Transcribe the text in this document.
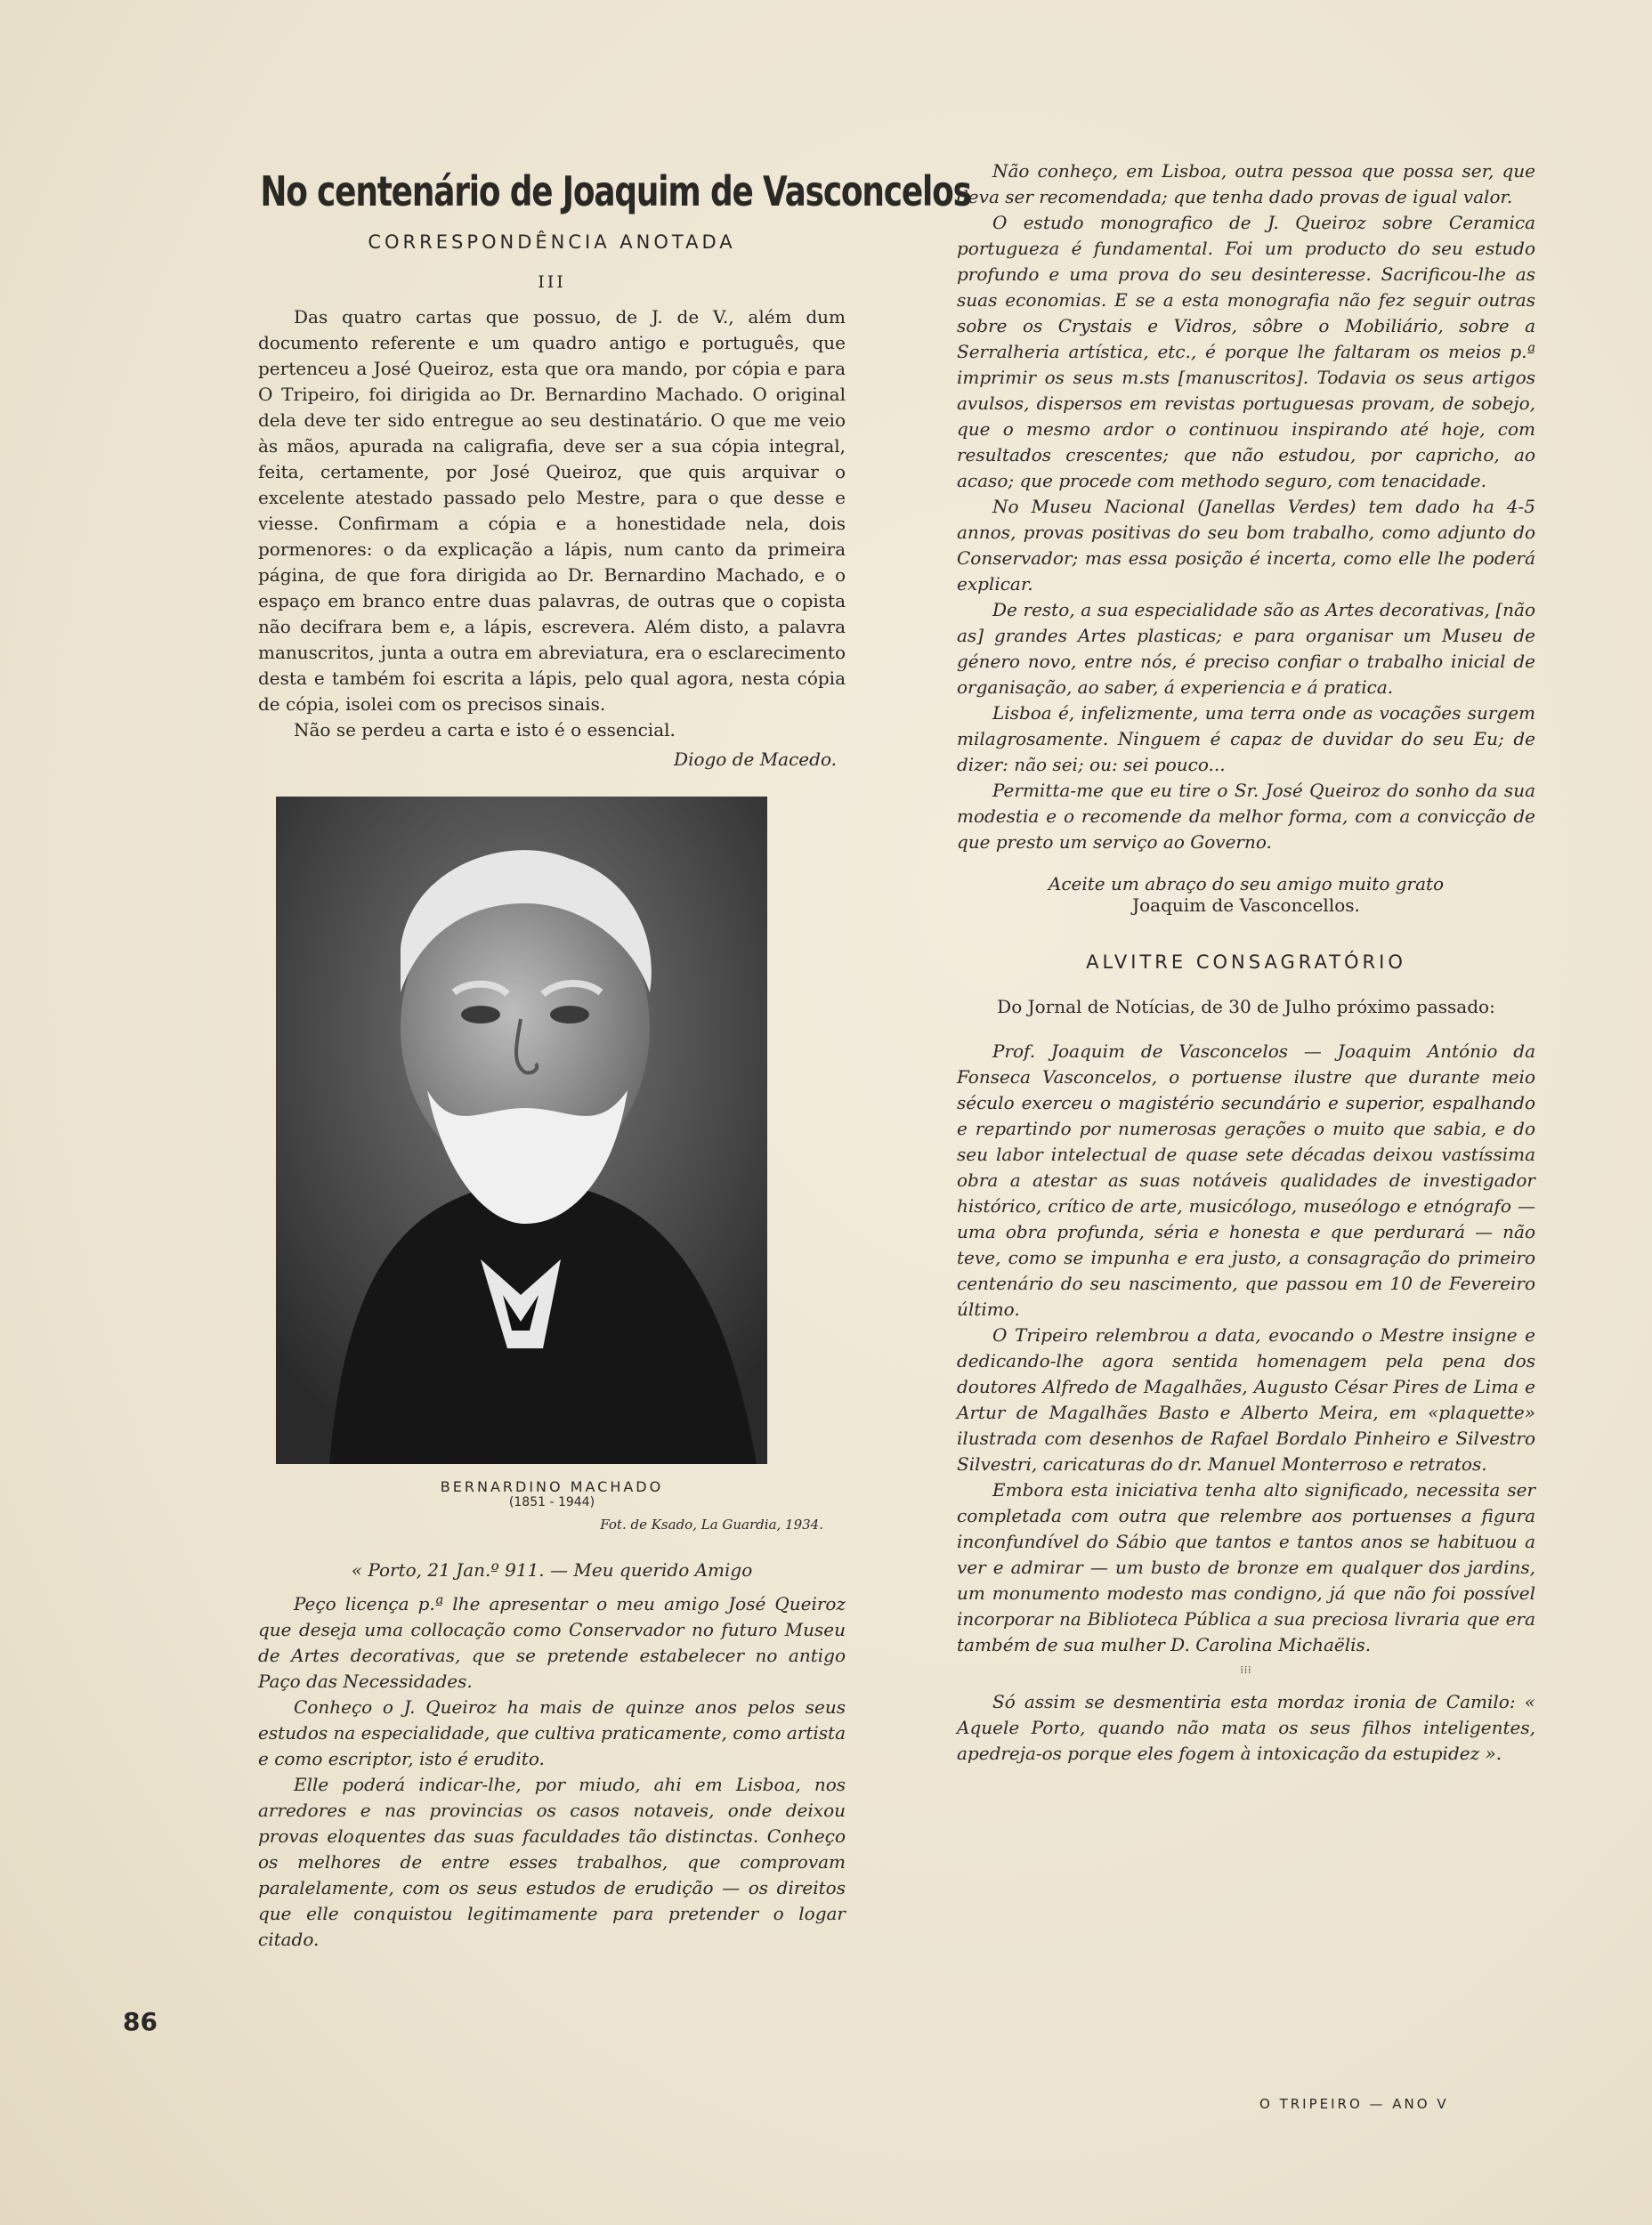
No centenário de Joaquim de Vasconcelos
CORRESPONDÊNCIA ANOTADA
III

Das quatro cartas que possuo, de J. de V., além dum documento referente e um quadro antigo e português, que pertenceu a José Queiroz, esta que ora mando, por cópia e para O Tripeiro, foi dirigida ao Dr. Bernardino Machado. O original dela deve ter sido entregue ao seu destinatário. O que me veio às mãos, apurada na caligrafia, deve ser a sua cópia integral, feita, certamente, por José Queiroz, que quis arquivar o excelente atestado passado pelo Mestre, para o que desse e viesse. Confirmam a cópia e a honestidade nela, dois pormenores: o da explicação a lápis, num canto da primeira página, de que fora dirigida ao Dr. Bernardino Machado, e o espaço em branco entre duas palavras, de outras que o copista não decifrara bem e, a lápis, escrevera. Além disto, a palavra manuscritos, junta a outra em abreviatura, era o esclarecimento desta e também foi escrita a lápis, pelo qual agora, nesta cópia de cópia, isolei com os precisos sinais.

Não se perdeu a carta e isto é o essencial.

Diogo de Macedo.
BERNARDINO MACHADO
(1851 - 1944)
Fot. de Ksado, La Guardia, 1934.
« Porto, 21 Jan.º 911. — Meu querido Amigo

Peço licença p.ª lhe apresentar o meu amigo José Queiroz que deseja uma collocação como Conservador no futuro Museu de Artes decorativas, que se pretende estabelecer no antigo Paço das Necessidades.

Conheço o J. Queiroz ha mais de quinze anos pelos seus estudos na especialidade, que cultiva praticamente, como artista e como escriptor, isto é erudito.

Elle poderá indicar-lhe, por miudo, ahi em Lisboa, nos arredores e nas provincias os casos notaveis, onde deixou provas eloquentes das suas faculdades tão distinctas. Conheço os melhores de entre esses trabalhos, que comprovam paralelamente, com os seus estudos de erudição — os direitos que elle conquistou legitimamente para pretender o logar citado.

Não conheço, em Lisboa, outra pessoa que possa ser, que deva ser recomendada; que tenha dado provas de igual valor.

O estudo monografico de J. Queiroz sobre Ceramica portugueza é fundamental. Foi um producto do seu estudo profundo e uma prova do seu desinteresse. Sacrificou-lhe as suas economias. E se a esta monografia não fez seguir outras sobre os Crystais e Vidros, sôbre o Mobiliário, sobre a Serralheria artística, etc., é porque lhe faltaram os meios p.ª imprimir os seus m.sts [manuscritos]. Todavia os seus artigos avulsos, dispersos em revistas portuguesas provam, de sobejo, que o mesmo ardor o continuou inspirando até hoje, com resultados crescentes; que não estudou, por capricho, ao acaso; que procede com methodo seguro, com tenacidade.

No Museu Nacional (Janellas Verdes) tem dado ha 4-5 annos, provas positivas do seu bom trabalho, como adjunto do Conservador; mas essa posição é incerta, como elle lhe poderá explicar.

De resto, a sua especialidade são as Artes decorativas, [não as] grandes Artes plasticas; e para organisar um Museu de género novo, entre nós, é preciso confiar o trabalho inicial de organisação, ao saber, á experiencia e á pratica.

Lisboa é, infelizmente, uma terra onde as vocações surgem milagrosamente. Ninguem é capaz de duvidar do seu Eu; de dizer: não sei; ou: sei pouco...

Permitta-me que eu tire o Sr. José Queiroz do sonho da sua modestia e o recomende da melhor forma, com a convicção de que presto um serviço ao Governo.

Aceite um abraço do seu amigo muito grato
Joaquim de Vasconcellos.
ALVITRE CONSAGRATÓRIO
Do Jornal de Notícias, de 30 de Julho próximo passado:

Prof. Joaquim de Vasconcelos — Joaquim António da Fonseca Vasconcelos, o portuense ilustre que durante meio século exerceu o magistério secundário e superior, espalhando e repartindo por numerosas gerações o muito que sabia, e do seu labor intelectual de quase sete décadas deixou vastíssima obra a atestar as suas notáveis qualidades de investigador histórico, crítico de arte, musicólogo, museólogo e etnógrafo — uma obra profunda, séria e honesta e que perdurará — não teve, como se impunha e era justo, a consagração do primeiro centenário do seu nascimento, que passou em 10 de Fevereiro último.

O Tripeiro relembrou a data, evocando o Mestre insigne e dedicando-lhe agora sentida homenagem pela pena dos doutores Alfredo de Magalhães, Augusto César Pires de Lima e Artur de Magalhães Basto e Alberto Meira, em «plaquette» ilustrada com desenhos de Rafael Bordalo Pinheiro e Silvestro Silvestri, caricaturas do dr. Manuel Monterroso e retratos.

Embora esta iniciativa tenha alto significado, necessita ser completada com outra que relembre aos portuenses a figura inconfundível do Sábio que tantos e tantos anos se habituou a ver e admirar — um busto de bronze em qualquer dos jardins, um monumento modesto mas condigno, já que não foi possível incorporar na Biblioteca Pública a sua preciosa livraria que era também de sua mulher D. Carolina Michaëlis.

⁞⁞⁞

Só assim se desmentiria esta mordaz ironia de Camilo: « Aquele Porto, quando não mata os seus filhos inteligentes, apedreja-os porque eles fogem à intoxicação da estupidez ».

86
O TRIPEIRO — ANO V
